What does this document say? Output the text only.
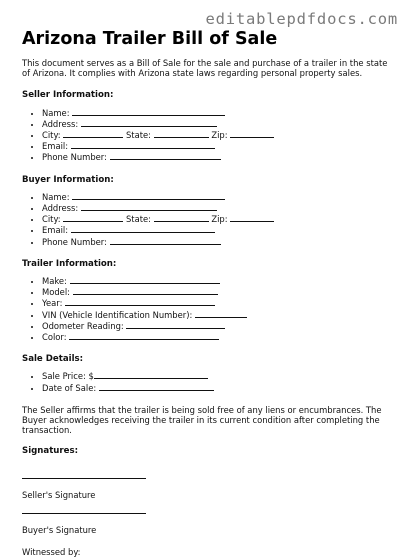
editablepdfdocs.com
Arizona Trailer Bill of Sale

This document serves as a Bill of Sale for the sale and purchase of a trailer in the state of Arizona. It complies with Arizona state laws regarding personal property sales.

Seller Information:

• Name:
• Address:
• City:	State:	Zip:
• Email:
• Phone Number:

Buyer Information:

• Name:
• Address:
• City:	State:	Zip:
• Email:
• Phone Number:

Trailer Information:

• Make:
• Model:
• Year:
• VIN (Vehicle Identification Number):
• Odometer Reading:
• Color:

Sale Details:

• Sale Price: $
• Date of Sale:

The Seller affirms that the trailer is being sold free of any liens or encumbrances. The Buyer acknowledges receiving the trailer in its current condition after completing the transaction.

Signatures:

Seller's Signature

Buyer's Signature

Witnessed by:
